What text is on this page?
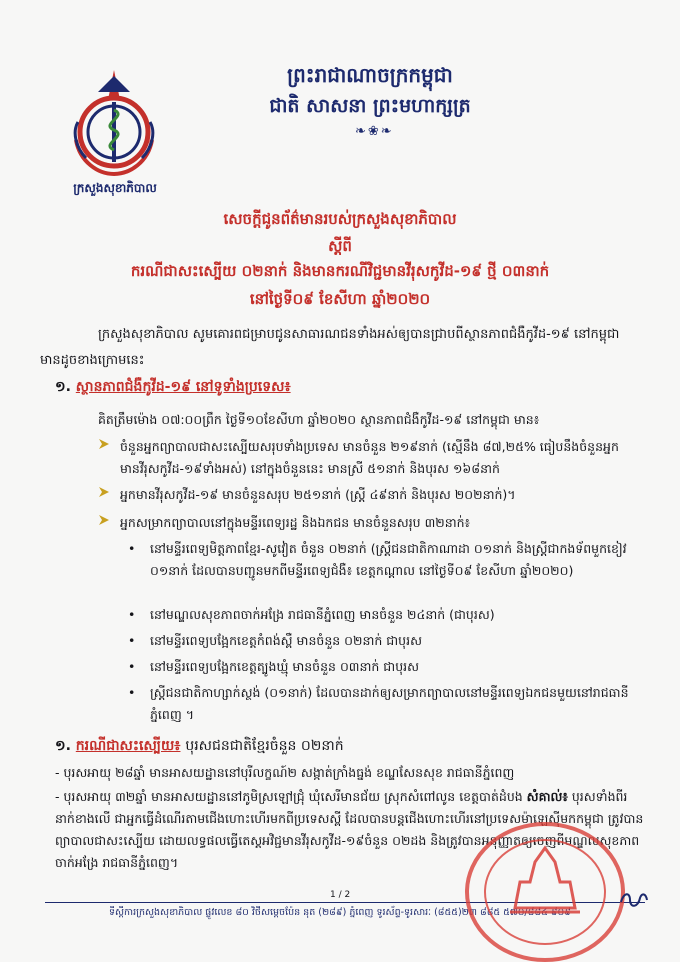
ក្រសួងសុខាភិបាល
ព្រះរាជាណាចក្រកម្ពុជា
ជាតិ សាសនា ព្រះមហាក្សត្រ
❧❀❧
សេចក្តីជូនព័ត៌មានរបស់ក្រសួងសុខាភិបាល
ស្តីពី
ករណីជាសះស្បើយ ០២នាក់ និងមានករណីវិជ្ជមានវីរុសកូវីដ-១៩ ថ្មី ០៣នាក់
នៅថ្ងៃទី០៩ ខែសីហា ឆ្នាំ២០២០
ក្រសួងសុខាភិបាល សូមគោរពជម្រាបជូនសាធារណជនទាំងអស់ឲ្យបានជ្រាបពីស្ថានភាពជំងឺកូវីដ-១៩ នៅកម្ពុជា មានដូចខាងក្រោមនេះ
១. ស្ថានភាពជំងឺកូវីដ-១៩ នៅទូទាំងប្រទេស៖
គិតត្រឹមម៉ោង ០៧:០០ព្រឹក ថ្ងៃទី១០ខែសីហា ឆ្នាំ២០២០ ស្ថានភាពជំងឺកូវីដ-១៩ នៅកម្ពុជា មាន៖
ចំនួនអ្នកព្យាបាលជាសះស្បើយសរុបទាំងប្រទេស មានចំនួន ២១៩នាក់ (ស្មើនឹង ៨៧,២៥% ធៀបនឹងចំនួនអ្នកមានវីរុសកូវីដ-១៩ទាំងអស់) នៅក្នុងចំនួននេះ មានស្រី ៥១នាក់ និងបុរស ១៦៨នាក់
អ្នកមានវីរុសកូវីដ-១៩ មានចំនួនសរុប ២៥១នាក់ (ស្ត្រី ៤៩នាក់ និងបុរស ២០២នាក់)។
អ្នកសម្រាកព្យាបាលនៅក្នុងមន្ទីរពេទ្យរដ្ឋ និងឯកជន មានចំនួនសរុប ៣២នាក់៖
• នៅមន្ទីរពេទ្យមិត្តភាពខ្មែរ-សូវៀត ចំនួន ០២នាក់ (ស្ត្រីជនជាតិកាណាដា ០១នាក់ និងស្ត្រីជាកងទ័ពមួកខៀវ ០១នាក់ ដែលបានបញ្ជូនមកពីមន្ទីរពេទ្យជំងឺ៖ ខេត្តកណ្ដាល នៅថ្ងៃទី០៩ ខែសីហា ឆ្នាំ២០២០)
• នៅមណ្ឌលសុខភាពចាក់អង្រែ រាជធានីភ្នំពេញ មានចំនួន ២៤នាក់ (ជាបុរស)
• នៅមន្ទីរពេទ្យបង្អែកខេត្តកំពង់ស្ពឺ មានចំនួន ០២នាក់ ជាបុរស
• នៅមន្ទីរពេទ្យបង្អែកខេត្តត្បូងឃ្មុំ មានចំនួន ០៣នាក់ ជាបុរស
• ស្ត្រីជនជាតិកាហ្សាក់ស្ថង់ (០១នាក់) ដែលបានដាក់ឲ្យសម្រាកព្យាបាលនៅមន្ទីរពេទ្យឯកជនមួយនៅរាជធានីភ្នំពេញ ។
១. ករណីជាសះស្បើយ៖ បុរសជនជាតិខ្មែរចំនួន ០២នាក់
- បុរសអាយុ ២៨ឆ្នាំ មានអាសយដ្ឋាននៅបុរីលក្ខណ៍២ សង្កាត់ក្រាំងធ្នង់ ខណ្ឌសែនសុខ រាជធានីភ្នំពេញ
- បុរសអាយុ ៣២ឆ្នាំ មានអាសយដ្ឋាននៅភូមិស្រឡៅជ្រុំ ឃុំសេរីមានជ័យ ស្រុកសំពៅលូន ខេត្តបាត់ដំបង សំគាល់៖ បុរសទាំងពីរនាក់ខាងលើ ជាអ្នកធ្វើដំណើរតាមជើងហោះហើរមកពីប្រទេសស្ពី ដែលបានបន្តជើងហោះហើរនៅប្រទេសម៉ាឡេស៊ីមកកម្ពុជា ត្រូវបានព្យាបាលជាសះស្បើយ ដោយលទ្ធផលធ្វើតេស្តអវិជ្ជមានវីរុសកូវីដ-១៩ចំនួន ០២ដង និងត្រូវបានអនុញ្ញាតឲ្យចេញពីមណ្ឌលសុខភាពចាក់អង្រែ រាជធានីភ្នំពេញ។
1 / 2
ទីស្តីការក្រសួងសុខាភិបាល ផ្លូវលេខ ៨០ វិថីសម្តេចប៉ែន នុត (២៨៩) ភ្នំពេញ ទូរស័ព្ទ-ទូរសារៈ (៨៥៥)២៣ ៨៨៥ ៥៧០/៨៨៤ ៩០៩
